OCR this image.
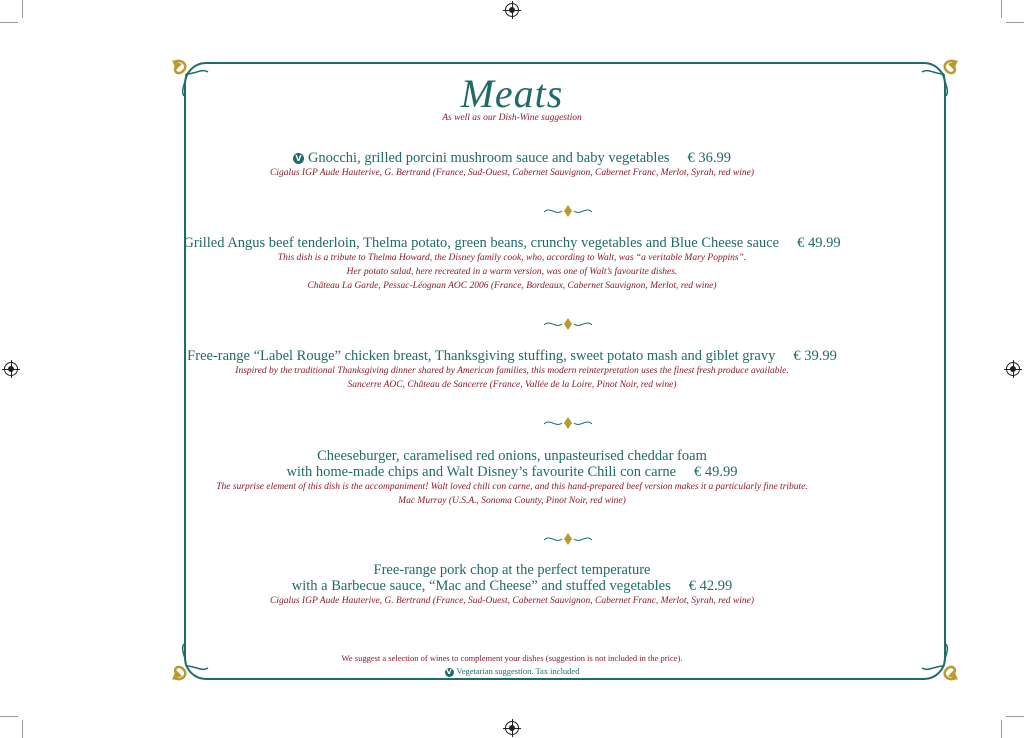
Meats
As well as our Dish-Wine suggestion
V Gnocchi, grilled porcini mushroom sauce and baby vegetables € 36.99
Cigalus IGP Aude Hauterive, G. Bertrand (France, Sud-Ouest, Cabernet Sauvignon, Cabernet Franc, Merlot, Syrah, red wine)
Grilled Angus beef tenderloin, Thelma potato, green beans, crunchy vegetables and Blue Cheese sauce € 49.99
This dish is a tribute to Thelma Howard, the Disney family cook, who, according to Walt, was “a veritable Mary Poppins”.
Her potato salad, here recreated in a warm version, was one of Walt’s favourite dishes.
Château La Garde, Pessac-Léognan AOC 2006 (France, Bordeaux, Cabernet Sauvignon, Merlot, red wine)
Free-range “Label Rouge” chicken breast, Thanksgiving stuffing, sweet potato mash and giblet gravy € 39.99
Inspired by the traditional Thanksgiving dinner shared by American families, this modern reinterpretation uses the finest fresh produce available.
Sancerre AOC, Château de Sancerre (France, Vallée de la Loire, Pinot Noir, red wine)
Cheeseburger, caramelised red onions, unpasteurised cheddar foam
with home-made chips and Walt Disney’s favourite Chili con carne € 49.99
The surprise element of this dish is the accompaniment! Walt loved chili con carne, and this hand-prepared beef version makes it a particularly fine tribute.
Mac Murray (U.S.A., Sonoma County, Pinot Noir, red wine)
Free-range pork chop at the perfect temperature
with a Barbecue sauce, “Mac and Cheese” and stuffed vegetables € 42.99
Cigalus IGP Aude Hauterive, G. Bertrand (France, Sud-Ouest, Cabernet Sauvignon, Cabernet Franc, Merlot, Syrah, red wine)
We suggest a selection of wines to complement your dishes (suggestion is not included in the price).
V Vegetarian suggestion. Tax included
